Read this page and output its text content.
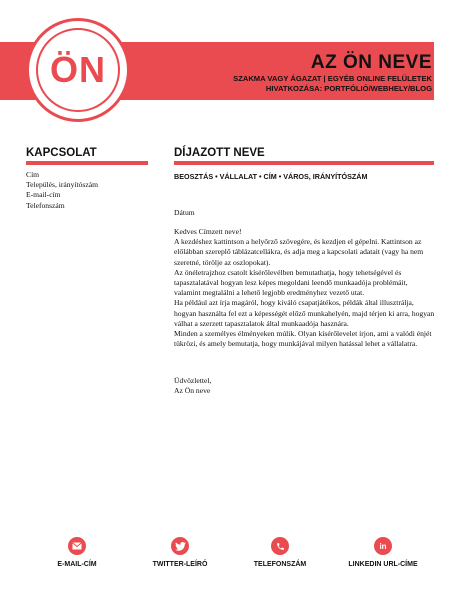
ÖN	AZ ÖN NEVE
SZAKMA VAGY ÁGAZAT | EGYÉB ONLINE FELÜLETEK
HIVATKOZÁSA: PORTFÓLIÓ/WEBHELY/BLOG
KAPCSOLAT
Cím
Település, irányítószám
E-mail-cím
Telefonszám
DÍJAZOTT NEVE
BEOSZTÁS • VÁLLALAT • CÍM • VÁROS, IRÁNYÍTÓSZÁM

Dátum

Kedves Címzett neve!

A kezdéshez kattintson a helyőrző szövegére, és kezdjen el gépelni. Kattintson az előlábban szereplő táblázatcellákra, és adja meg a kapcsolati adatait (vagy ha nem szeretné, törölje az oszlopokat).

Az önéletrajzhoz csatolt kísérőlevélben bemutathatja, hogy tehetségével és tapasztalatával hogyan lesz képes megoldani leendő munkaadója problémáit, valamint megtalálni a lehető legjobb eredményhez vezető utat.

Ha például azt írja magáról, hogy kiváló csapatjátékos, példák által illusztrálja, hogyan használta fel ezt a képességét előző munkahelyén, majd térjen ki arra, hogyan válhat a szerzett tapasztalatok által munkaadója hasznára.

Minden a személyes élményeken múlik. Olyan kísérőlevelet írjon, ami a valódi énjét tükrözi, és amely bemutatja, hogy munkájával milyen hatással lehet a vállalatra.

Üdvözlettel,

Az Ön neve

E-MAIL-CÍM	TWITTER-LEÍRÓ	TELEFONSZÁM
in
LINKEDIN URL-CÍME
